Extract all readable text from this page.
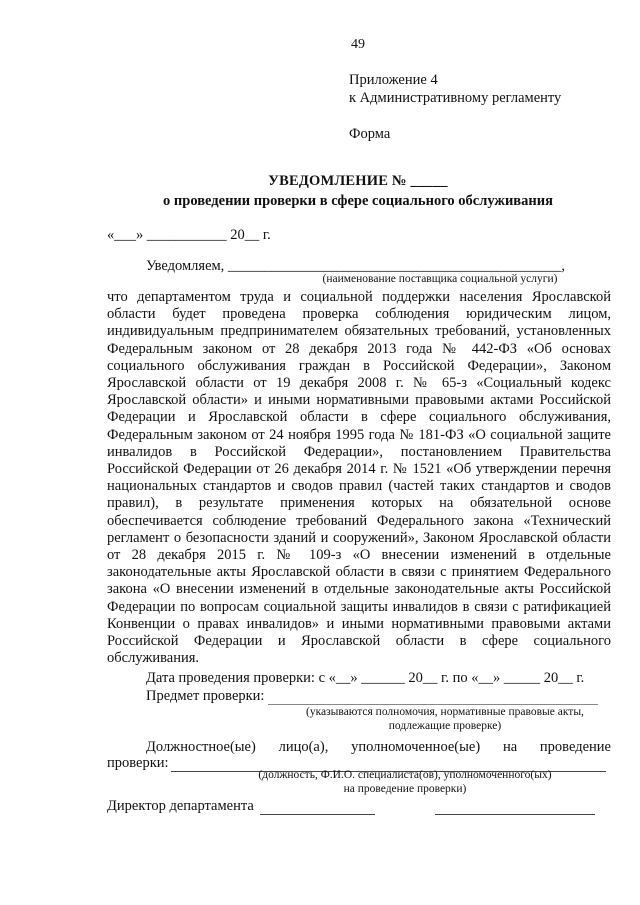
49
Приложение 4
к Административному регламенту
Форма
УВЕДОМЛЕНИЕ № _____
о проведении проверки в сфере социального обслуживания
«___» ___________ 20__ г.
Уведомляем, ______________________________________________,
(наименование поставщика социальной услуги)
что департаментом труда и социальной поддержки населения Ярославской области будет проведена проверка соблюдения юридическим лицом, индивидуальным предпринимателем обязательных требований, установленных Федеральным законом от 28 декабря 2013 года № 442-ФЗ «Об основах социального обслуживания граждан в Российской Федерации», Законом Ярославской области от 19 декабря 2008 г. № 65-з «Социальный кодекс Ярославской области» и иными нормативными правовыми актами Российской Федерации и Ярославской области в сфере социального обслуживания, Федеральным законом от 24 ноября 1995 года № 181-ФЗ «О социальной защите инвалидов в Российской Федерации», постановлением Правительства Российской Федерации от 26 декабря 2014 г. № 1521 «Об утверждении перечня национальных стандартов и сводов правил (частей таких стандартов и сводов правил), в результате применения которых на обязательной основе обеспечивается соблюдение требований Федерального закона «Технический регламент о безопасности зданий и сооружений», Законом Ярославской области от 28 декабря 2015 г. № 109-з «О внесении изменений в отдельные законодательные акты Ярославской области в связи с принятием Федерального закона «О внесении изменений в отдельные законодательные акты Российской Федерации по вопросам социальной защиты инвалидов в связи с ратификацией Конвенции о правах инвалидов» и иными нормативными правовыми актами Российской Федерации и Ярославской области в сфере социального обслуживания.
Дата проведения проверки: с «__» ______ 20__ г. по «__» _____ 20__ г.
Предмет проверки:
(указываются полномочия, нормативные правовые акты,
подлежащие проверке)
Должностное(ые) лицо(а), уполномоченное(ые) на проведение
проверки:
(должность, Ф.И.О. специалиста(ов), уполномоченного(ых)
на проведение проверки)
Директор департамента
